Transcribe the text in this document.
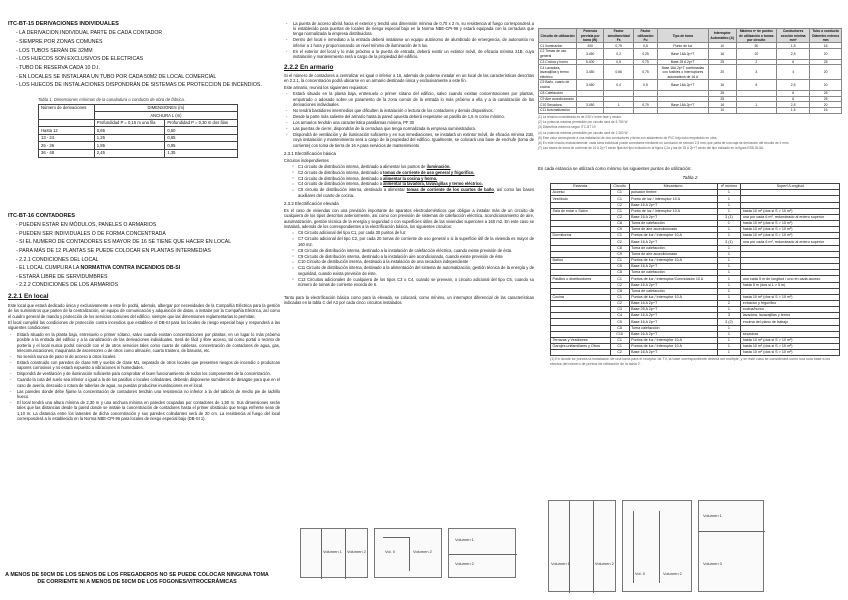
ITC-BT-15 DERIVACIONES INDIVIDUALES
- LA DERIVACION INDIVIDUAL PARTE DE CADA CONTADOR
- SIEMPRE POR ZONAS COMUNES
- LOS TUBOS SERÁN DE 32MM
- LOS HUECOS SON EXCLUSIVOS DE ELECTRICAS
- TUBO DE RESERVA CADA 10 D.I.
- EN LOCALES SE INSTALARA UN TUBO POR CADA 50M2 DE LOCAL COMERCIAL
- LOS HUECOS DE INSTALACIONES DISPONDRÁN DE SISTEMAS DE PROTECCION DE INCENDIOS.
Tabla 1. Dimensiones mínimas de la canaladura o conducto de obra de fábrica.
Número de derivaciones	DIMENSIONES (m)	
	ANCHURA L (m)	
	Profundidad P = 0,15 m una fila	Profundidad P = 0,30 m dos filas
Hasta 12	0,65	0,50
13 - 24	1,25	0,65
25 - 36	1,85	0,95
36 - 48	2,45	1,35
ITC-BT-16 CONTADORES
- PUEDEN ESTAR EN MÓDULOS, PANELES O ARMARIOS
- PUEDEN SER INDIVIDUALES O DE FORMA CONCENTRADA
- SI EL NUMERO DE CONTADORES ES MAYOR DE 16 SE TIENE QUE HACER EN LOCAL
- PARA MÁS DE 12 PLANTAS SE PUEDE COLOCAR EN PLANTAS INTERMEDIAS
- 2.2.1 CONDICIONES DEL LOCAL
- EL LOCAL CUMPLIRA LA NORMATIVA CONTRA INCENDIOS DB-SI
- ESTARÁ LIBRE DE SERVIDUMBRES
- 2.2.2 CONDICIONES DE LOS ARMARIOS
2.2.1 En local

Este local que estará dedicado única y exclusivamente a este fin podrá, además, albergar por necesidades de la Compañía Eléctrica para la gestión de los suministros que parten de la centralización, un equipo de comunicación y adquisición de datos, a instalar por la Compañía Eléctrica, así como el cuadro general de mando y protección de los servicios comunes del edificio, siempre que las dimensiones reglamentarias lo permitan.

El local cumplirá las condiciones de protección contra incendios que establece el DB-SI para los locales de riesgo especial bajo y responderá a las siguientes condiciones:

- Estará situado en la planta baja, entresuelo o primer sótano, salvo cuando existan concentraciones por plantas, en un lugar lo más próximo posible a la entrada del edificio y a la canalización de las derivaciones individuales. Será de fácil y libre acceso, tal como portal o recinto de portería y el local nunca podrá coincidir con el de otros servicios tales como cuarto de calderas, concentración de contadores de agua, gas, telecomunicaciones, maquinaria de ascensores o de otros como almacén, cuarto trastero, de basuras, etc.
- No servirá nunca de paso ni de acceso a otros locales.
- Estará construido con paredes de clase M0 y suelos de clase M1, separado de otros locales que presenten riesgos de incendio o produzcan vapores corrosivos y no estará expuesto a vibraciones ni humedades.
- Dispondrá de ventilación y de iluminación suficiente para comprobar el buen funcionamiento de todos los componentes de la concentración.
- Cuando la cota del suelo sea inferior o igual a la de los pasillos o locales colindantes, deberán disponerse sumideros de desagüe para que en el caso de avería, descuido o rotura de tuberías de agua, no puedan producirse inundaciones en el local.
- Las paredes donde debe fijarse la concentración de contadores tendrán una resistencia no inferior a la del tabicón de medio pie de ladrillo hueco.
- El local tendrá una altura mínima de 2,30 m y una anchura mínima en paredes ocupadas por contadores de 1,50 m. Sus dimensiones serán tales que las distancias desde la pared donde se instale la concentración de contadores hasta el primer obstáculo que tenga enfrente sean de 1,10 m. La distancia entre los laterales de dicha concentración y sus paredes colindantes será de 20 cm. La resistencia al fuego del local corresponderá a lo establecido en la Norma NBE-CPI-96 para locales de riesgo especial bajo (DB-SI 1).
A MENOS DE 50CM DE LOS SENOS DE LOS FREGADEROS NO SE PUEDE COLOCAR NINGUNA TOMA DE CORRIENTE NI A MENOS DE 50CM DE LOS FOGONES/VITROCERÁMICAS
- La puerta de acceso abrirá hacia el exterior y tendrá una dimensión mínima de 0,70 x 2 m, su resistencia al fuego corresponderá a lo establecido para puertas de locales de riesgo especial bajo en la Norma NBE-CPI-96 y estará equipada con la cerradura que tenga normalizada la empresa distribuidora.
- Dentro del local e inmediato a la entrada deberá instalarse un equipo autónomo de alumbrado de emergencia, de autonomía no inferior a 1 hora y proporcionando un nivel mínimo de iluminación de 5 lux.
- En el exterior del local y lo más próximo a la puerta de entrada, deberá existir un extintor móvil, de eficacia mínima 21B, cuya instalación y mantenimiento será a cargo de la propiedad del edificio.
2.2.2 En armario

Si el número de contadores a centralizar es igual o inferior a 16, además de poderse instalar en un local de las características descritas en 2.2.1, la concentración podrá ubicarse en un armario destinado única y exclusivamente a este fin.

Este armario, reunirá los siguientes requisitos:

- Estará situado en la planta baja, entresuelo o primer sótano del edificio, salvo cuando existan concentraciones por plantas, empotrado o adosado sobre un paramento de la zona común de la entrada lo más próximo a ella y a la canalización de las derivaciones individuales.
- No tendrá bastidores intermedios que dificulten la instalación o lectura de los contadores y demás dispositivos.
- Desde la parte más saliente del armario hasta la pared opuesta deberá respetarse un pasillo de 1,5 m como mínimo.
- Los armarios tendrán una característica parallamas mínima, PF 30
- Las puertas de cierre, dispondrán de la cerradura que tenga normalizada la empresa suministradora.
- Dispondrá de ventilación y de iluminación suficiente y en sus inmediaciones, se instalará un extintor móvil, de eficacia mínima 21B, cuya instalación y mantenimiento será a cargo de la propiedad del edificio. Igualmente, se colocará una base de enchufe (toma de corriente) con toma de tierra de 16 A para servicios de mantenimiento
2.3.1 Electrificación básica
Circuitos independientes
○ C1 circuito de distribución interna, destinado a alimentar los puntos de iluminación.
○ C2 circuito de distribución interna, destinado a tomas de corriente de uso general y frigorífico.
○ C3 circuito de distribución interna, destinado a alimentar la cocina y horno.
○ C4 circuito de distribución interna, destinado a alimentar la lavadora, lavavajillas y termo eléctrico.
○ C5 circuito de distribución interna, destinado a alimentar tomas de corriente de los cuartos de baño, así como las bases auxiliares del cuarto de cocina.
2.3.2 Electrificación elevada

Es el caso de viviendas con una previsión importante de aparatos electrodomésticos que obligue a instalar más de un circuito de cualquiera de los tipos descritos anteriormente, así como con previsión de sistemas de calefacción eléctrica, acondicionamiento de aire, automatización, gestión técnica de la energía y seguridad o con superficies útiles de las viviendas superiores a 160 m2. En este caso se instalará, además de los correspondientes a la electrificación básica, los siguientes circuitos:

○ C6 Circuito adicional del tipo C1, por cada 30 puntos de luz
○ C7 Circuito adicional del tipo C2, por cada 20 tomas de corriente de uso general o si la superficie útil de la vivienda es mayor de 160 m2.
○ C8 Circuito de distribución interna, destinado a la instalación de calefacción eléctrica, cuando existe previsión de ésta.
○ C9 Circuito de distribución interna, destinado a la instalación aire acondicionado, cuando existe previsión de éste
○ C10 Circuito de distribución interna, destinado a la instalación de una secadora independiente
○ C11 Circuito de distribución interna, destinado a la alimentación del sistema de automatización, gestión técnica de la energía y de seguridad, cuando exista previsión de éste.
○ C12 Circuitos adicionales de cualquiera de los tipos C3 o C4, cuando se prevean, o circuito adicional del tipo C5, cuando su número de tomas de corriente exceda de 6.

Tanto para la electrificación básica como para la elevada, se colocará, como mínimo, un interruptor diferencial de las características indicadas en la tabla C del A3 por cada cinco circuitos instalados.

Volumen 1 Volumen 2	Vol. 0	Volumen 2
Volumen 1
Volumen 2	Volumen 1	Volumen 2
Vol. 0	Volumen 2
Volumen 1
Volumen 3
Circuito de utilización	Potencia prevista por toma (W)	Factor simultaneidad Fs	Factor utilización Fu	Tipo de toma	Interruptor Automático (A)	Máximo nº de puntos de utilización o tomas por circuito	Conductores sección mínima mm²	Tubo o conducto Diámetro externo mm
C1 Iluminación	200	0,75	0,5	Punto de luz	10	30	1,5	16
C2 Tomas de uso general	3.450	0,2	0,25	Base 16A 2p+T	16	20	2,5	20
C3 Cocina y horno	5.400	0,5	0,75	Base 25 A 2p+T	25	2	6	25
C4 Lavadora, lavavajillas y termo eléctrico	3.450	0,66	0,75	Base 16A 2p+T combinadas con fusibles o interruptores automáticos de 16 A	20	3	4	20
C5 Baño, cuarto de cocina	3.450	0,4	0,5	Base 16A 2p+T	16	6	2,5	20
C8 Calefacción					25		6	25
C9 Aire acondicionado					25		6	25
C10 Secadora	3.450	1	0,75	Base 16A 2p+T	16	1	2,5	20
C11 Automatización					10		1,5	16
(1) La tensión considerada es de 230 V entre fase y neutro.
(2) La potencia máxima permisible por circuito será de 5.750 W
(3) Diámetros externos según ITC-BT 19
(4) La potencia máxima permisible por circuito será de 2.300 W
(5) Este valor corresponde a una instalación de dos conductores y tierra con aislamiento de PVC bajo tubo empotrado en obra.
(6) En este circuito exclusivamente, cada toma individual puede conectarse mediante un conductor de sección 2,5 mm² que parta de una caja de derivación del circuito de 4 mm².
(7) Las bases de toma de corriente de 16 A 2p+T serán fijas del tipo indicado en la figura C2a y las de 25 A 2p+T serán del tipo indicado en la figura ESB 25-5A.
En cada estancia se utilizará como mínimo los siguientes puntos de utilización:
Tabla 2
Estancia	Circuito	Mecanismo	nº mínimo	Superf./Longitud
Acceso	C1	pulsador timbre	1	
Vestíbulo	C1	Punto de luz / Interruptor 10 A	1	
	C2	Base 16 A 2p+T	1	
Sala de estar o Salón	C1	Punto de luz / Interruptor 10 A	1	hasta 10 m² (dos si S > 10 m²)
	C2	Base 16 A 2p+T	3 (1)	una por cada 6 m², redondeado al entero superior
	C8	Toma de calefacción	1	hasta 10 m² (dos si S > 10 m²)
	C9	Toma de aire acondicionado	1	hasta 10 m² (dos si S > 10 m²)
Dormitorios	C1	Puntos de luz / Interruptor 10 A	1	hasta 10 m² (dos si S > 10 m²)
	C2	Base 16 A 2p+T	3 (1)	una por cada 6 m², redondeado al entero superior
	C8	Toma de calefacción	1	
	C9	Toma de aire acondicionado	1	
Baños	C1	Puntos de luz / Interruptor 10 A	1	
	C5	Base 16 A 2p+T	1	
	C8	Toma de calefacción	1	
Pasillos o distribuidores	C1	Puntos de luz / Interruptor/Conmutador 10 A	1	uno cada 5 m de longitud / uno en cada acceso
	C2	Base 16 A 2p+T	1	hasta 5 m (dos si L > 5 m)
	C8	Toma de calefacción	1	
Cocina	C1	Puntos de luz / Interruptor 10 A	1	hasta 10 m² (dos si S > 10 m²)
	C2	Base 16 A 2p+T	2	extractor y frigorífico
	C3	Base 25 A 2p+T	1	cocina/horno
	C4	Base 16 A 2p+T	3	lavadora, lavavajillas y termo
	C5	Base 16 A 2p+T	3 (2)	encima del plano de trabajo
	C8	Toma calefacción	1	
	C10	Base 16 A 2p+T	1	secadora
Terrazas y Vestidores	C1	Puntos de luz / Interruptor 10 A	1	hasta 10 m² (dos si S > 10 m²)
Garajes unifamiliares y Otros	C1	Puntos de luz / Interruptor 10 A	1	hasta 10 m² (dos si S > 10 m²)
	C2	Base 16 A 2p+T	1	hasta 10 m² (dos si S > 10 m²)
(1) En donde se prevea la instalación de una toma para el receptor de TV, la base correspondiente deberá ser múltiple, y en este caso se considerará como una sola base a los efectos del número de puntos de utilización de la tabla 2.
